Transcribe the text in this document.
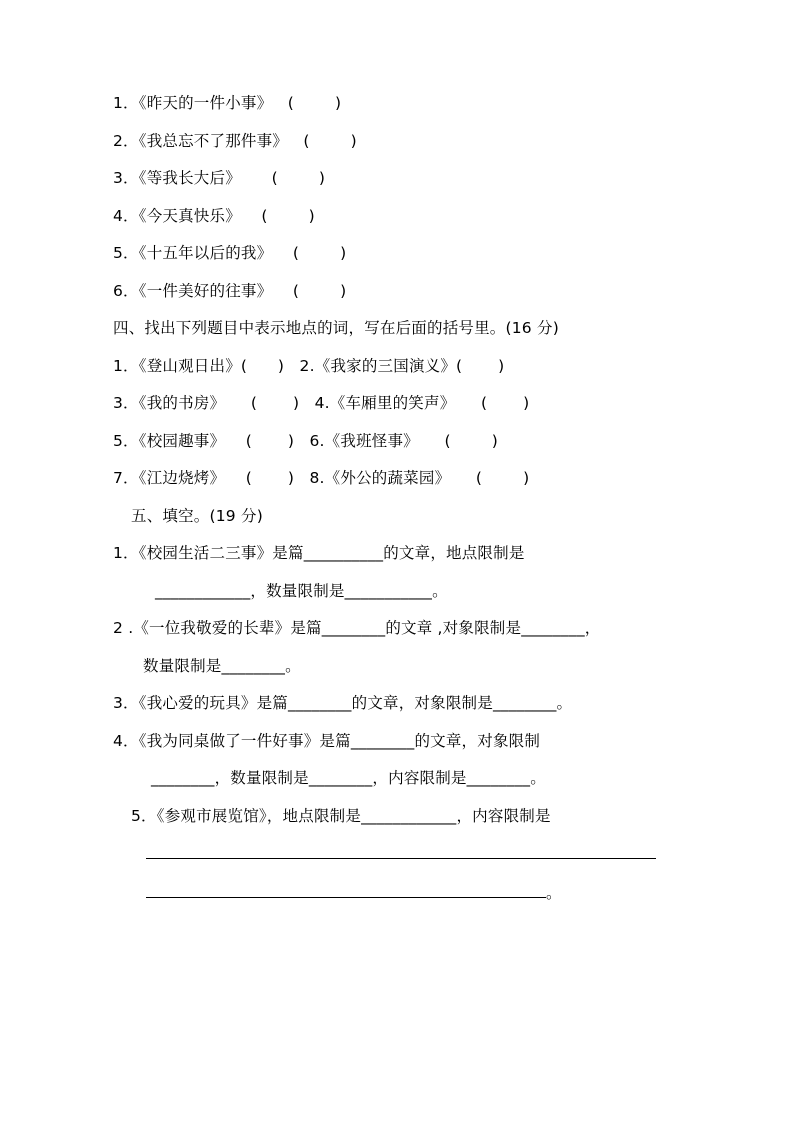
1．《昨天的一件小事》   (        )
2．《我总忘不了那件事》   (        )
3．《等我长大后》      (        )
4．《今天真快乐》    (        )
5．《十五年以后的我》    (        )
6．《一件美好的往事》    (        )
四、找出下列题目中表示地点的词，写在后面的括号里。(16 分)
1．《登山观日出》(      )   2.《我家的三国演义》(       )
3．《我的书房》     (       )   4.《车厢里的笑声》     (       )
5．《校园趣事》    (       )   6.《我班怪事》     (        )
7．《江边烧烤》    (       )   8.《外公的蔬菜园》     (        )
五、填空。(19 分)
1．《校园生活二三事》是篇__________的文章，地点限制是
____________，数量限制是___________。
2 .《一位我敬爱的长辈》是篇________的文章 ,对象限制是________，
数量限制是________。
3．《我心爱的玩具》是篇________的文章，对象限制是________。
4．《我为同桌做了一件好事》是篇________的文章，对象限制
________，数量限制是________，内容限制是________。
5．《参观市展览馆》，地点限制是____________，内容限制是
。
